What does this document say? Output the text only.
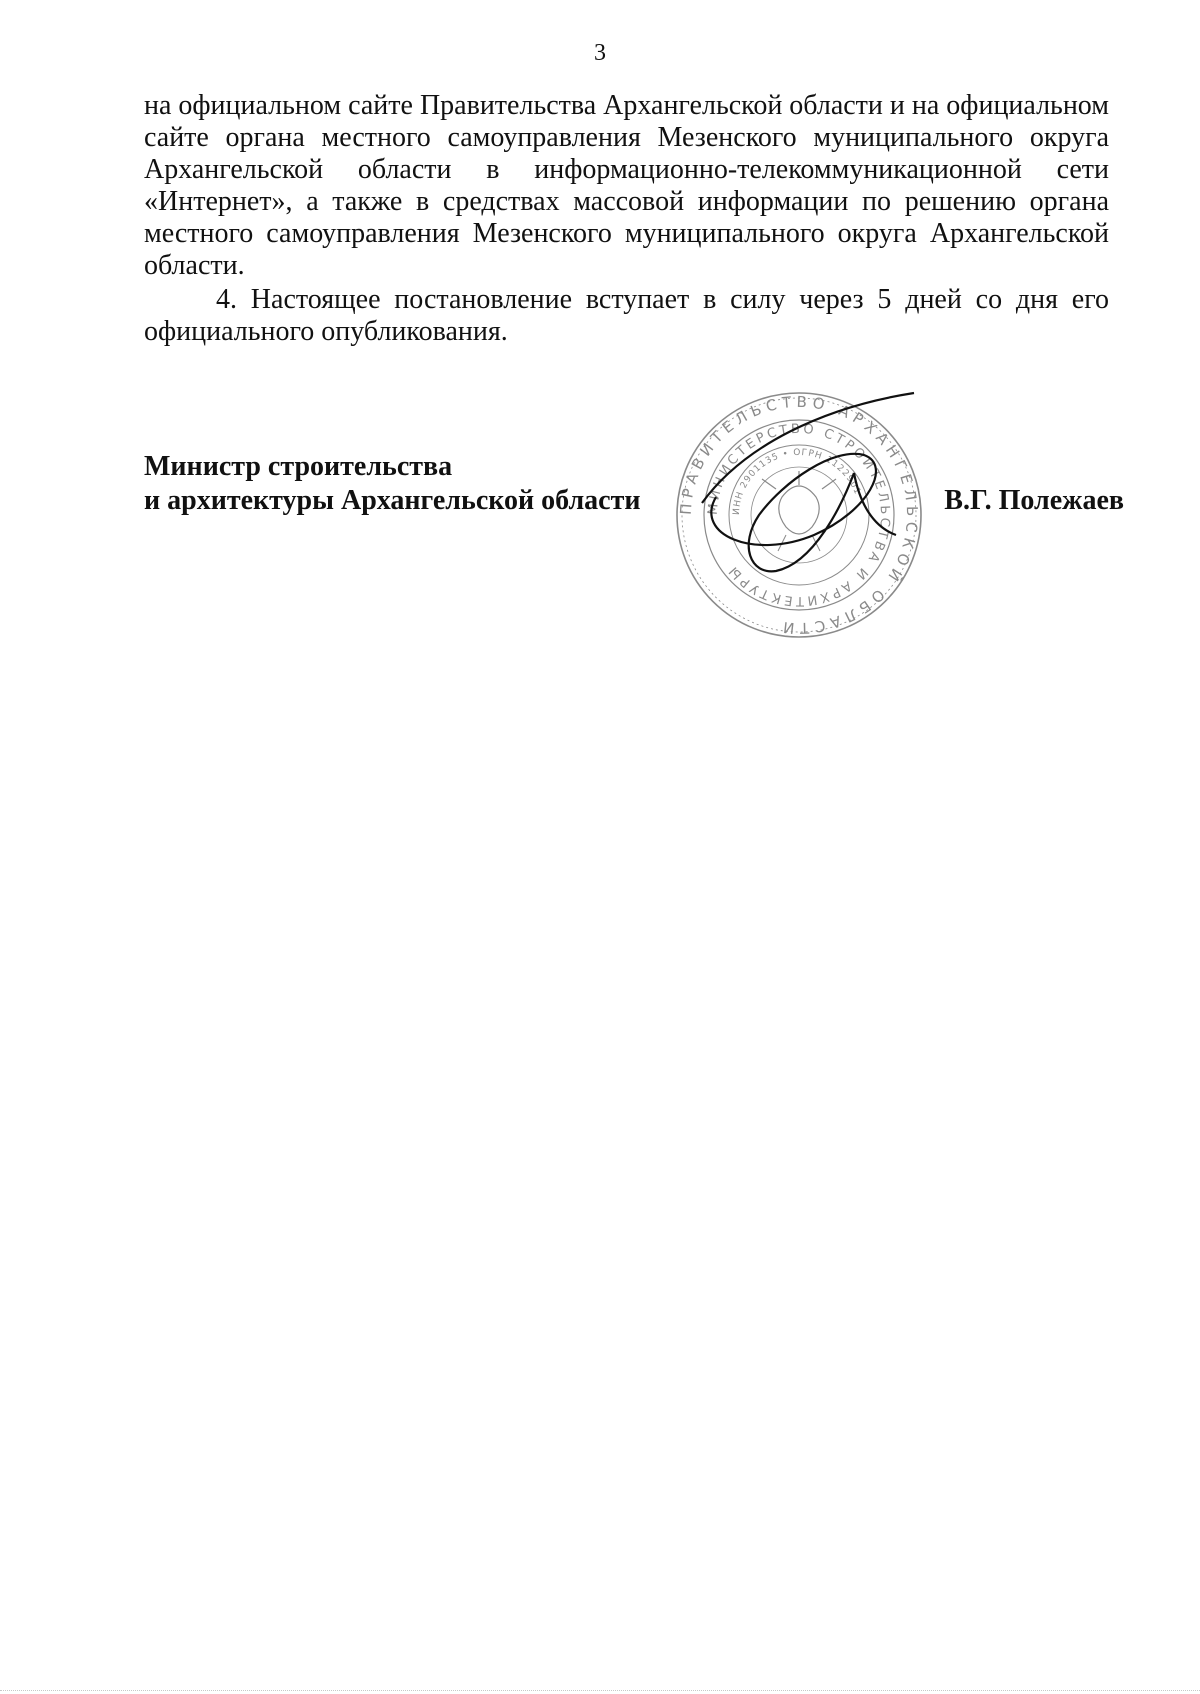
3

на официальном сайте Правительства Архангельской области и на официальном сайте органа местного самоуправления Мезенского муниципального округа Архангельской области в информационно-телекоммуникационной сети «Интернет», а также в средствах массовой информации по решению органа местного самоуправления Мезенского муниципального округа Архангельской области.

4. Настоящее постановление вступает в силу через 5 дней со дня его официального опубликования.

Министр строительства
и архитектуры Архангельской области	ПРАВИТЕЛЬСТВО АРХАНГЕЛЬСКОЙ ОБЛАСТИ
МИНИСТЕРСТВО СТРОИТЕЛЬСТВА И АРХИТЕКТУРЫ
ИНН 2901135 • ОГРН 1122901	В.Г. Полежаев
